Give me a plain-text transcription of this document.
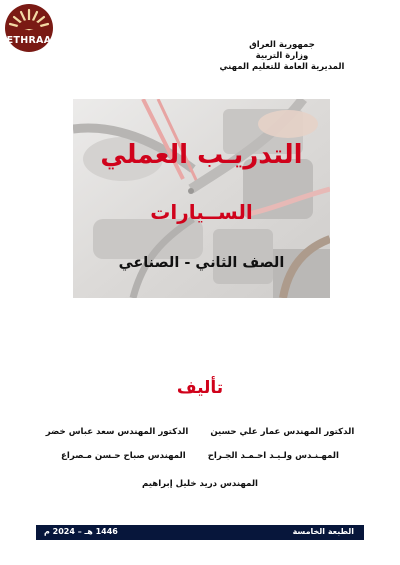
ETHRAA	جمهورية العراق
وزارة التربية
المديرية العامة للتعليم المهني
التدريـب العملي
الســيارات
الصف الثاني - الصناعي
تأليف
الدكتور المهندس عمار علي حسينالدكتور المهندس سعد عباس خضر
المهـنـدس ولـيـد احـمـد الجـراحالمهندس صباح حـسن مـصراع
المهندس دريد خليل إبراهيم
الطبعة الخامسة
1446 هـ – 2024 م
